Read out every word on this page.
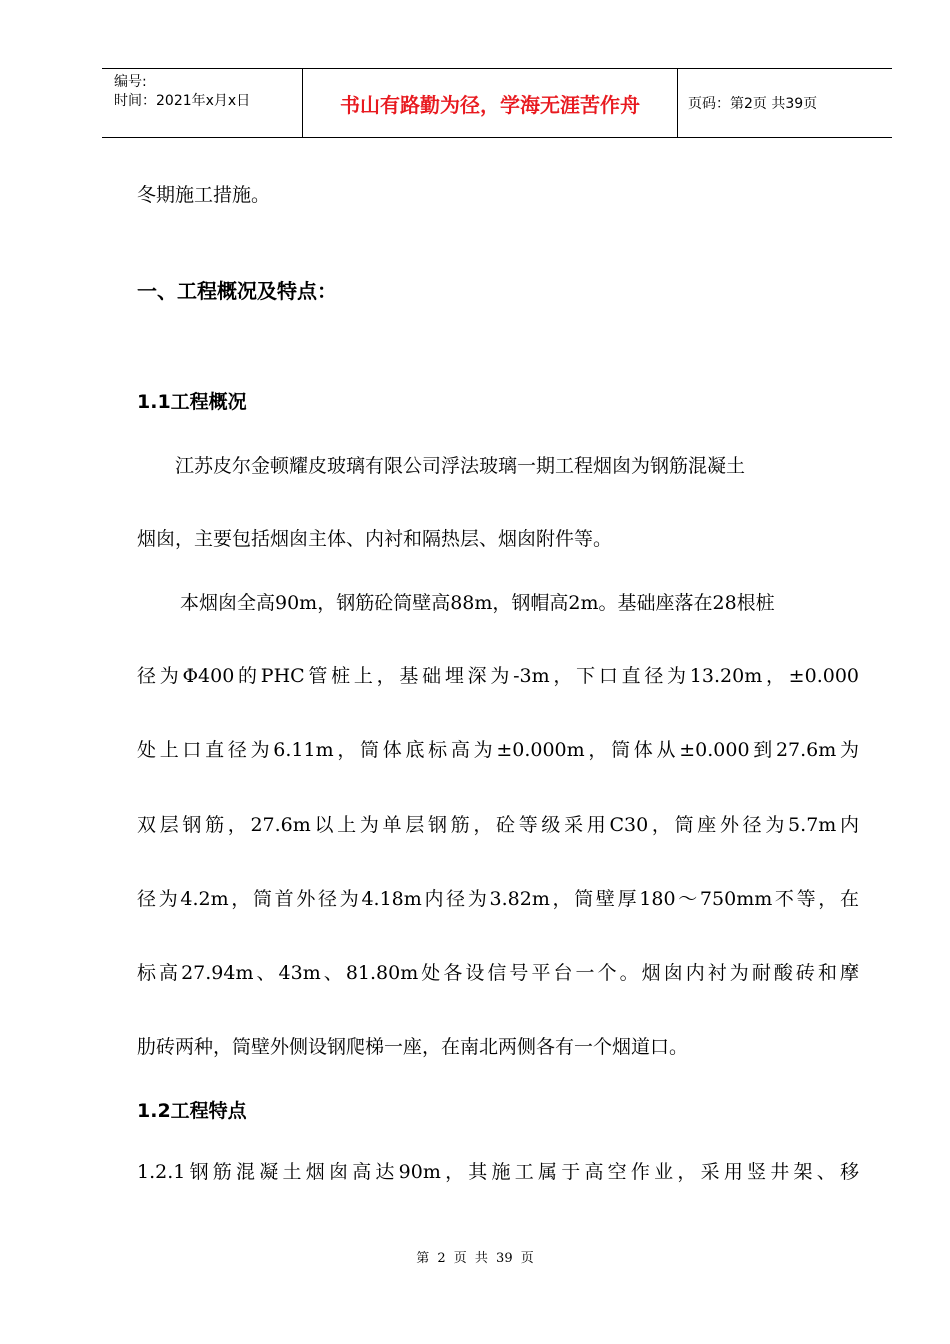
编号:
时间：2021年x月x日	书山有路勤为径，学海无涯苦作舟	页码：第2页 共39页
冬期施工措施。
一、工程概况及特点：
1.1工程概况
江苏皮尔金顿耀皮玻璃有限公司浮法玻璃一期工程烟囱为钢筋混凝土
烟囱，主要包括烟囱主体、内衬和隔热层、烟囱附件等。
本烟囱全高90m，钢筋砼筒壁高88m，钢帽高2m。基础座落在28根桩
径为Φ400的PHC管桩上，基础埋深为-3m，下口直径为13.20m，±0.000
处上口直径为6.11m，筒体底标高为±0.000m，筒体从±0.000到27.6m为
双层钢筋，27.6m以上为单层钢筋，砼等级采用C30，筒座外径为5.7m内
径为4.2m，筒首外径为4.18m内径为3.82m，筒壁厚180～750mm不等，在
标高27.94m、43m、81.80m处各设信号平台一个。烟囱内衬为耐酸砖和摩
肋砖两种，筒壁外侧设钢爬梯一座，在南北两侧各有一个烟道口。
1.2工程特点
1.2.1钢筋混凝土烟囱高达90m，其施工属于高空作业，采用竖井架、移
第 2 页 共 39 页
